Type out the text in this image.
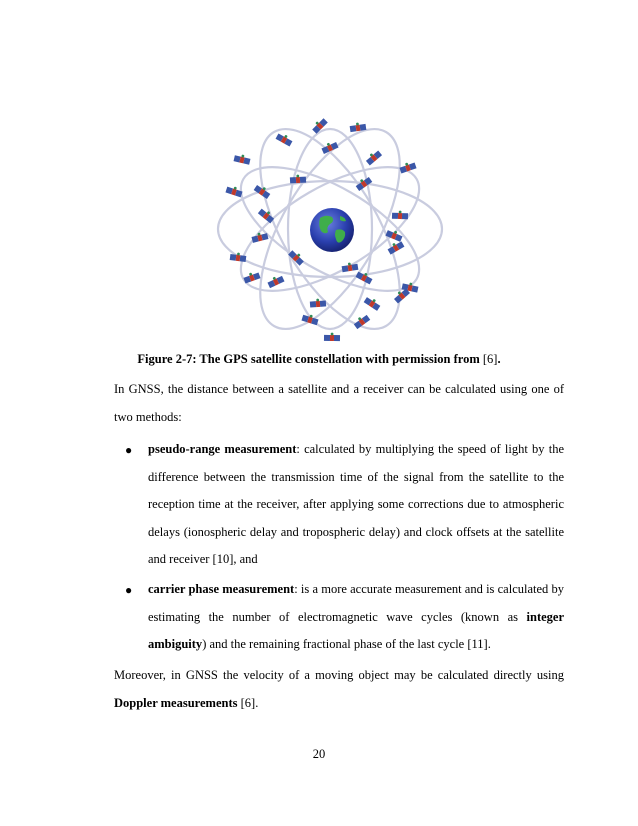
Figure 2-7: The GPS satellite constellation with permission from [6].
In GNSS, the distance between a satellite and a receiver can be calculated using one of two methods:
● pseudo-range measurement: calculated by multiplying the speed of light by the difference between the transmission time of the signal from the satellite to the reception time at the receiver, after applying some corrections due to atmospheric delays (ionospheric delay and tropospheric delay) and clock offsets at the satellite and receiver [10], and
● carrier phase measurement: is a more accurate measurement and is calculated by estimating the number of electromagnetic wave cycles (known as integer ambiguity) and the remaining fractional phase of the last cycle [11].
Moreover, in GNSS the velocity of a moving object may be calculated directly using Doppler measurements [6].
20
